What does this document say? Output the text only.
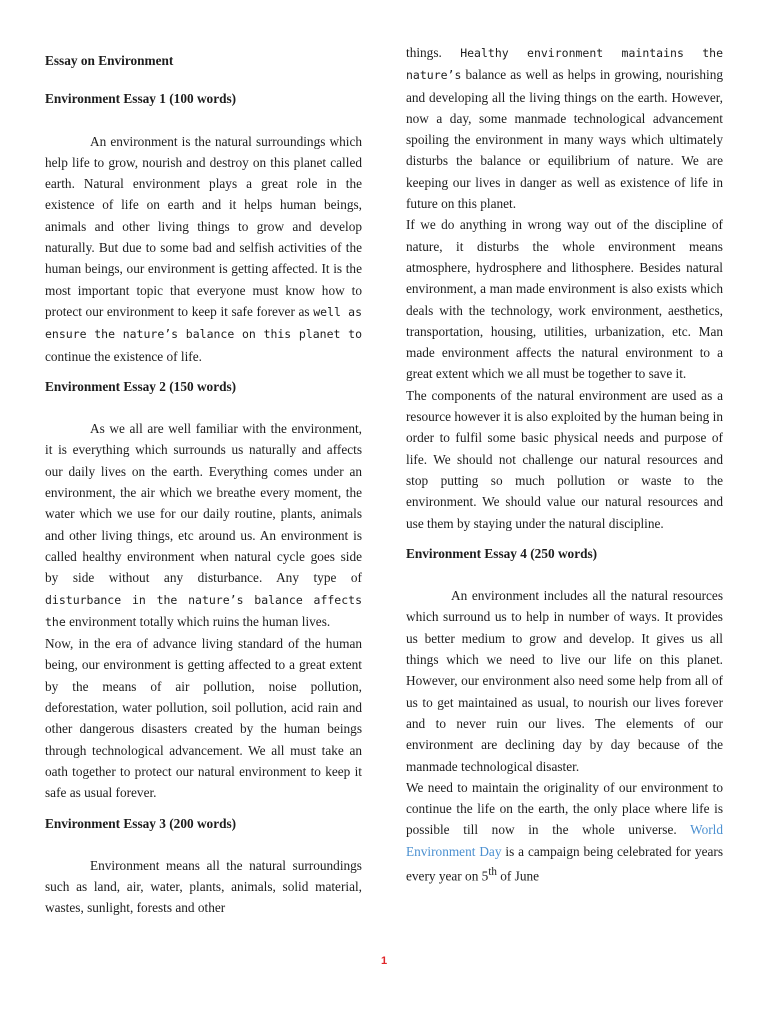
Essay on Environment

Environment Essay 1 (100 words)

An environment is the natural surroundings which help life to grow, nourish and destroy on this planet called earth. Natural environment plays a great role in the existence of life on earth and it helps human beings, animals and other living things to grow and develop naturally. But due to some bad and selfish activities of the human beings, our environment is getting affected. It is the most important topic that everyone must know how to protect our environment to keep it safe forever as well as ensure the nature’s balance on this planet to continue the existence of life.

Environment Essay 2 (150 words)

As we all are well familiar with the environment, it is everything which surrounds us naturally and affects our daily lives on the earth. Everything comes under an environment, the air which we breathe every moment, the water which we use for our daily routine, plants, animals and other living things, etc around us. An environment is called healthy environment when natural cycle goes side by side without any disturbance. Any type of disturbance in the nature’s balance affects the environment totally which ruins the human lives.

Now, in the era of advance living standard of the human being, our environment is getting affected to a great extent by the means of air pollution, noise pollution, deforestation, water pollution, soil pollution, acid rain and other dangerous disasters created by the human beings through technological advancement. We all must take an oath together to protect our natural environment to keep it safe as usual forever.

Environment Essay 3 (200 words)

Environment means all the natural surroundings such as land, air, water, plants, animals, solid material, wastes, sunlight, forests and other

things. Healthy environment maintains the nature’s balance as well as helps in growing, nourishing and developing all the living things on the earth. However, now a day, some manmade technological advancement spoiling the environment in many ways which ultimately disturbs the balance or equilibrium of nature. We are keeping our lives in danger as well as existence of life in future on this planet.

If we do anything in wrong way out of the discipline of nature, it disturbs the whole environment means atmosphere, hydrosphere and lithosphere. Besides natural environment, a man made environment is also exists which deals with the technology, work environment, aesthetics, transportation, housing, utilities, urbanization, etc. Man made environment affects the natural environment to a great extent which we all must be together to save it.

The components of the natural environment are used as a resource however it is also exploited by the human being in order to fulfil some basic physical needs and purpose of life. We should not challenge our natural resources and stop putting so much pollution or waste to the environment. We should value our natural resources and use them by staying under the natural discipline.

Environment Essay 4 (250 words)

An environment includes all the natural resources which surround us to help in number of ways. It provides us better medium to grow and develop. It gives us all things which we need to live our life on this planet. However, our environment also need some help from all of us to get maintained as usual, to nourish our lives forever and to never ruin our lives. The elements of our environment are declining day by day because of the manmade technological disaster.

We need to maintain the originality of our environment to continue the life on the earth, the only place where life is possible till now in the whole universe. World Environment Day is a campaign being celebrated for years every year on 5th of June

1
